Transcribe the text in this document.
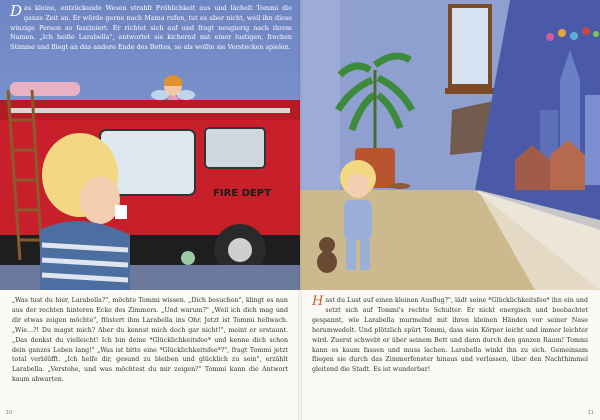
FIRE DEPT
Das kleine, entzückende Wesen strahlt Fröhlichkeit aus und lächelt Tommi die ganze Zeit an. Er würde gerne nach Mama rufen, tut es aber nicht, weil ihn diese winzige Person so fasziniert. Er richtet sich auf und fragt neugierig nach ihrem Namen. „Ich heiße Larabella", antwortet sie kichernd mit einer lustigen, frechen Stimme und fliegt an das andere Ende des Bettes, so als wollte sie Verstecken spielen.
„Was tust du hier, Larabella?", möchte Tommi wissen. „Dich besuchen", klingt es nun aus der rechten hinteren Ecke des Zimmers. „Und warum?" „Weil ich dich mag und dir etwas zeigen möchte", flüstert ihm Larabella ins Ohr. Jetzt ist Tommi hellwach. „Wie...?! Du magst mich? Aber du kennst mich doch gar nicht!", meint er erstaunt. „Das denkst du vielleicht! Ich bin deine *Glücklichkeitsfee* und kenne dich schon dein ganzes Leben lang!" „Was ist bitte eine *Glücklichkeitsfee*?", fragt Tommi jetzt total verblüfft. „Ich helfe dir, gesund zu bleiben und glücklich zu sein", erzählt Larabella. „Verstehe, und was möchtest du mir zeigen?" Tommi kann die Antwort kaum abwarten.
10
Hast du Lust auf einen kleinen Ausflug?", lädt seine *Glücklichkeitsfee* ihn ein und setzt sich auf Tommi's rechte Schulter. Er nickt energisch und beobachtet gespannt, wie Larabella murmelnd mit ihren kleinen Händen vor seiner Nase herumwedelt. Und plötzlich spürt Tommi, dass sein Körper leicht und immer leichter wird. Zuerst schwebt er über seinem Bett und dann durch den ganzen Raum! Tommi kann es kaum fassen und muss lachen. Larabella winkt ihn zu sich. Gemeinsam fliegen sie durch das Zimmerfenster hinaus und verlassen, über den Nachthimmel gleitend die Stadt. Es ist wunderbar!
11
